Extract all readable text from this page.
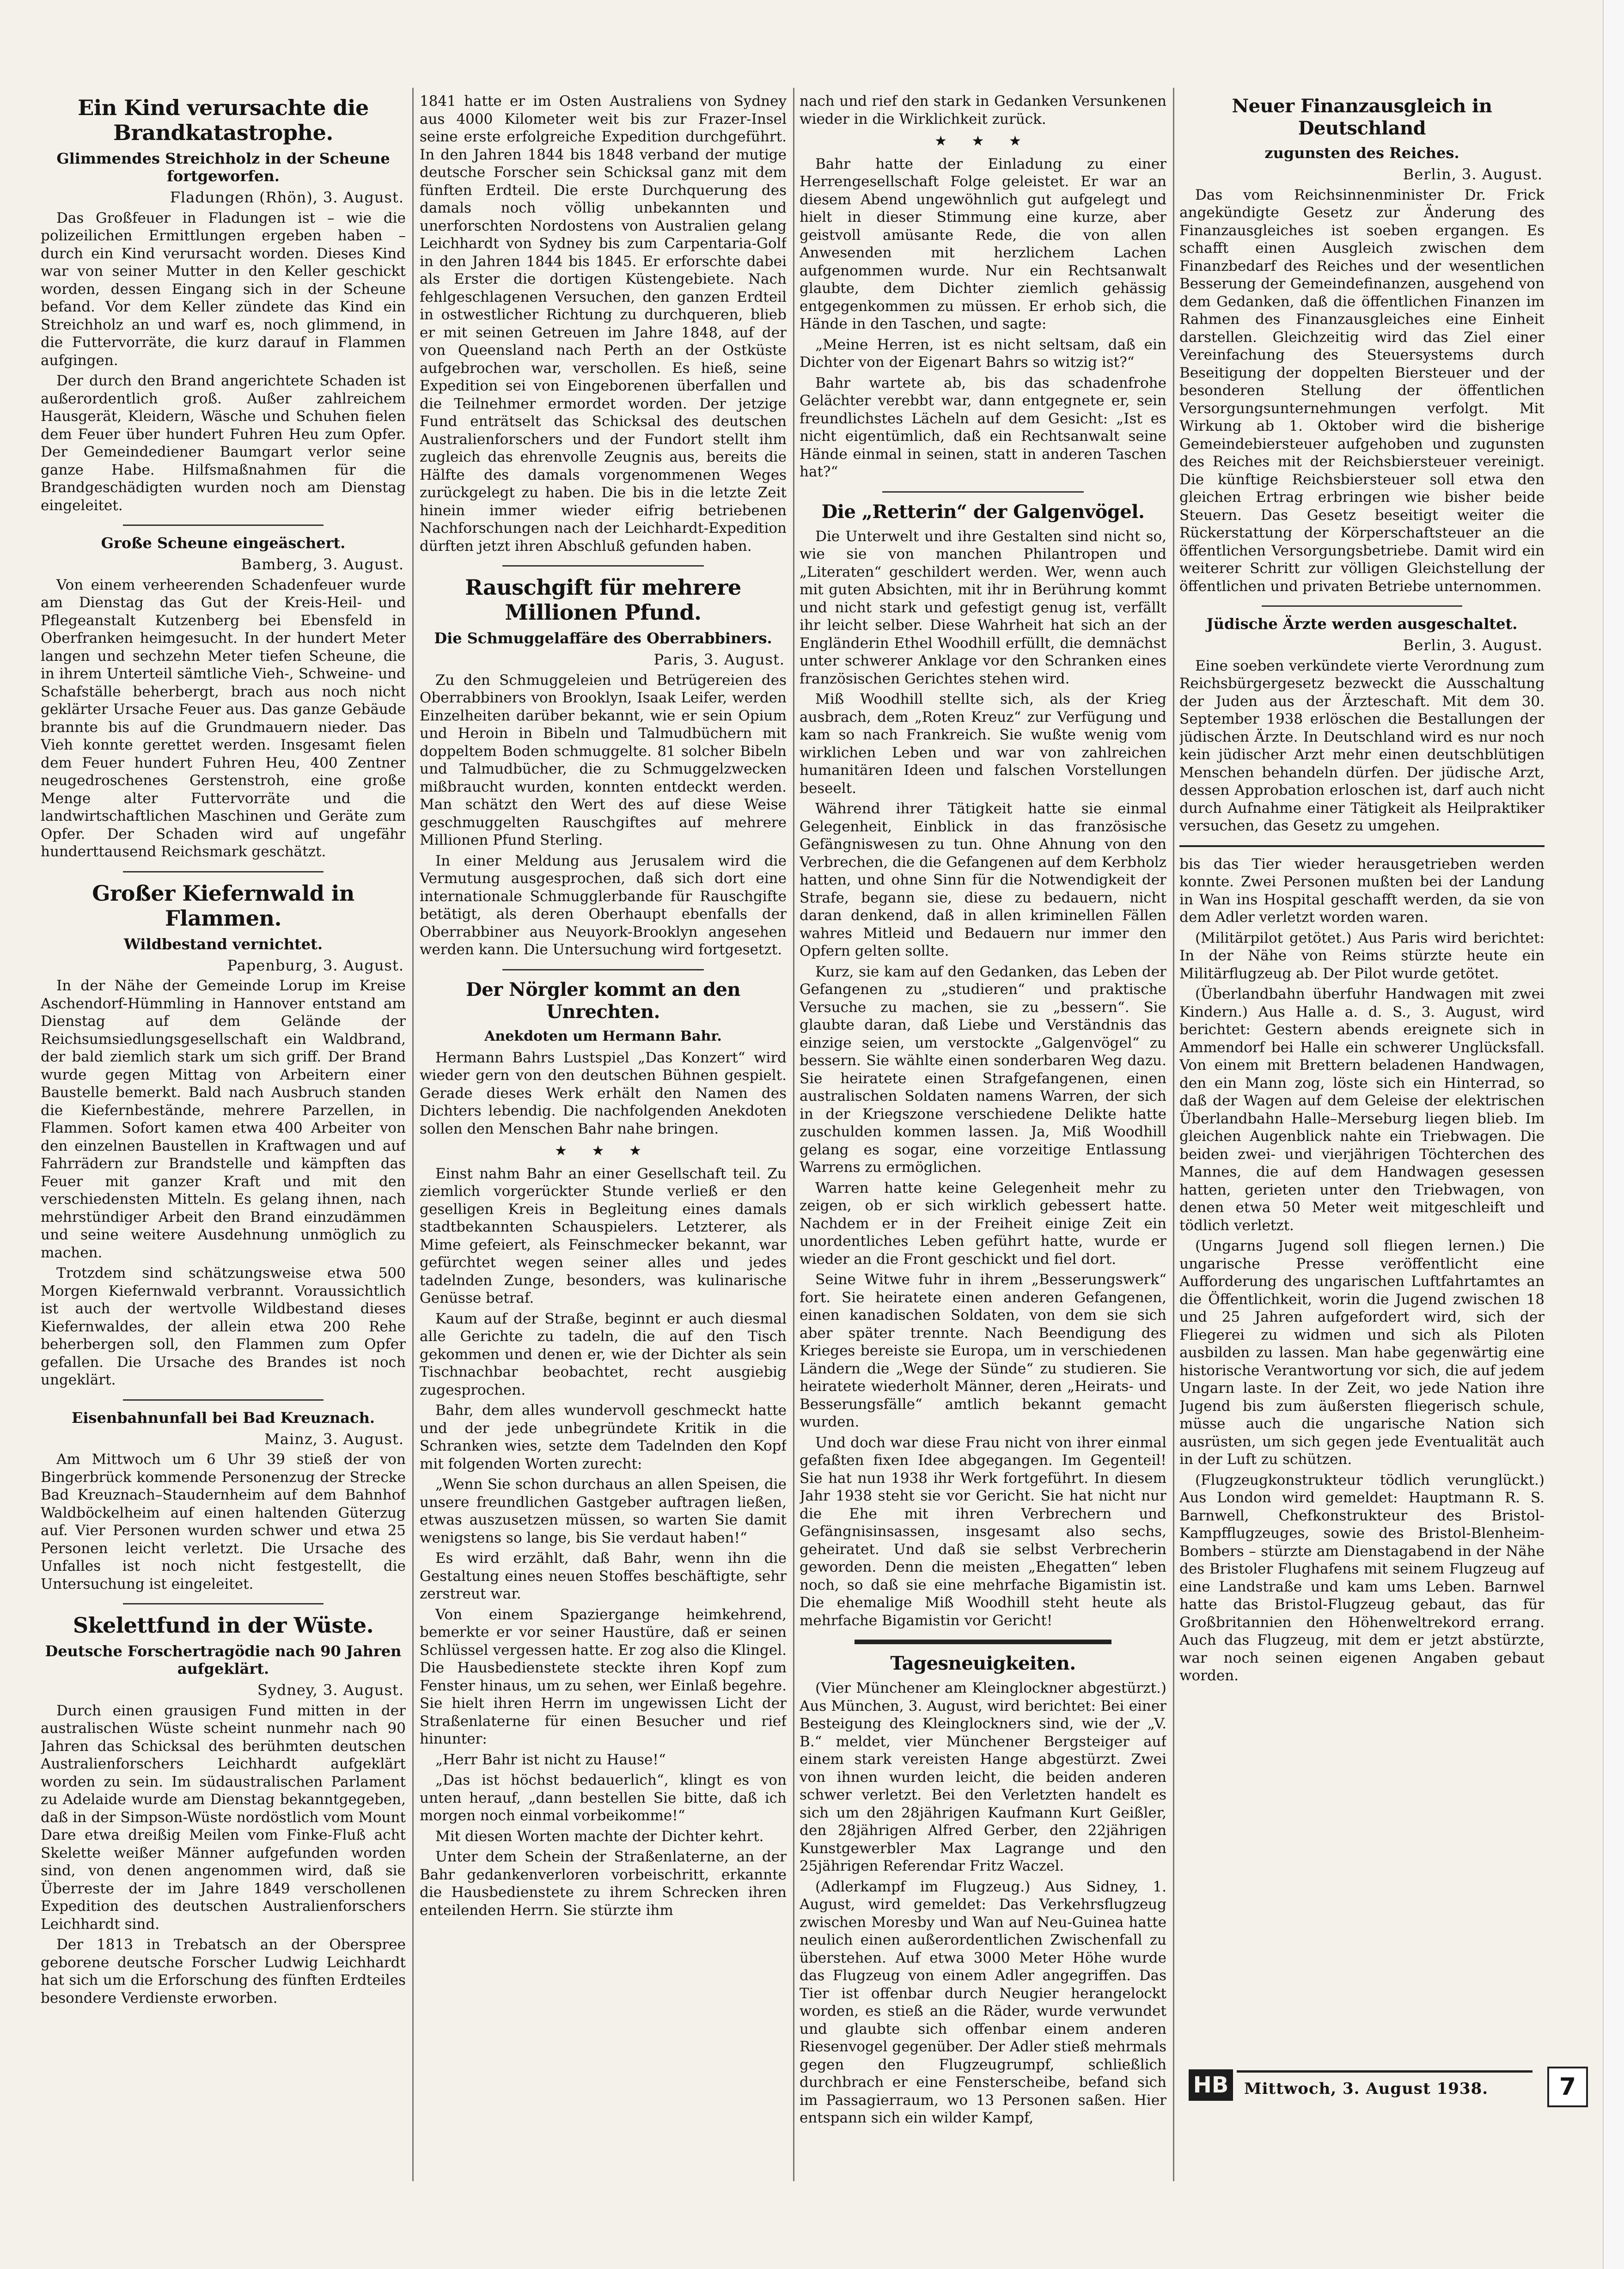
Ein Kind verursachte die Brandkatastrophe.
Glimmendes Streichholz in der Scheune fortgeworfen.
Fladungen (Rhön), 3. August.

Das Großfeuer in Fladungen ist – wie die polizeilichen Ermittlungen ergeben haben – durch ein Kind verursacht worden. Dieses Kind war von seiner Mutter in den Keller geschickt worden, dessen Eingang sich in der Scheune befand. Vor dem Keller zündete das Kind ein Streichholz an und warf es, noch glimmend, in die Futtervorräte, die kurz darauf in Flammen aufgingen.

Der durch den Brand angerichtete Schaden ist außerordentlich groß. Außer zahlreichem Hausgerät, Kleidern, Wäsche und Schuhen fielen dem Feuer über hundert Fuhren Heu zum Opfer. Der Gemeindediener Baumgart verlor seine ganze Habe. Hilfsmaßnahmen für die Brandgeschädigten wurden noch am Dienstag eingeleitet.

Große Scheune eingeäschert.
Bamberg, 3. August.

Von einem verheerenden Schadenfeuer wurde am Dienstag das Gut der Kreis-Heil- und Pflegeanstalt Kutzenberg bei Ebensfeld in Oberfranken heimgesucht. In der hundert Meter langen und sechzehn Meter tiefen Scheune, die in ihrem Unterteil sämtliche Vieh-, Schweine- und Schafställe beherbergt, brach aus noch nicht geklärter Ursache Feuer aus. Das ganze Gebäude brannte bis auf die Grundmauern nieder. Das Vieh konnte gerettet werden. Insgesamt fielen dem Feuer hundert Fuhren Heu, 400 Zentner neugedroschenes Gerstenstroh, eine große Menge alter Futtervorräte und die landwirtschaftlichen Maschinen und Geräte zum Opfer. Der Schaden wird auf ungefähr hunderttausend Reichsmark geschätzt.

Großer Kiefernwald in Flammen.
Wildbestand vernichtet.
Papenburg, 3. August.

In der Nähe der Gemeinde Lorup im Kreise Aschendorf-Hümmling in Hannover entstand am Dienstag auf dem Gelände der Reichsumsiedlungsgesellschaft ein Waldbrand, der bald ziemlich stark um sich griff. Der Brand wurde gegen Mittag von Arbeitern einer Baustelle bemerkt. Bald nach Ausbruch standen die Kiefernbestände, mehrere Parzellen, in Flammen. Sofort kamen etwa 400 Arbeiter von den einzelnen Baustellen in Kraftwagen und auf Fahrrädern zur Brandstelle und kämpften das Feuer mit ganzer Kraft und mit den verschiedensten Mitteln. Es gelang ihnen, nach mehrstündiger Arbeit den Brand einzudämmen und seine weitere Ausdehnung unmöglich zu machen.

Trotzdem sind schätzungsweise etwa 500 Morgen Kiefernwald verbrannt. Voraussichtlich ist auch der wertvolle Wildbestand dieses Kiefernwaldes, der allein etwa 200 Rehe beherbergen soll, den Flammen zum Opfer gefallen. Die Ursache des Brandes ist noch ungeklärt.

Eisenbahnunfall bei Bad Kreuznach.
Mainz, 3. August.

Am Mittwoch um 6 Uhr 39 stieß der von Bingerbrück kommende Personenzug der Strecke Bad Kreuznach–Staudernheim auf dem Bahnhof Waldböckelheim auf einen haltenden Güterzug auf. Vier Personen wurden schwer und etwa 25 Personen leicht verletzt. Die Ursache des Unfalles ist noch nicht festgestellt, die Untersuchung ist eingeleitet.

Skelettfund in der Wüste.
Deutsche Forschertragödie nach 90 Jahren aufgeklärt.
Sydney, 3. August.

Durch einen grausigen Fund mitten in der australischen Wüste scheint nunmehr nach 90 Jahren das Schicksal des berühmten deutschen Australienforschers Leichhardt aufgeklärt worden zu sein. Im südaustralischen Parlament zu Adelaide wurde am Dienstag bekanntgegeben, daß in der Simpson-Wüste nordöstlich vom Mount Dare etwa dreißig Meilen vom Finke-Fluß acht Skelette weißer Männer aufgefunden worden sind, von denen angenommen wird, daß sie Überreste der im Jahre 1849 verschollenen Expedition des deutschen Australienforschers Leichhardt sind.

Der 1813 in Trebatsch an der Oberspree geborene deutsche Forscher Ludwig Leichhardt hat sich um die Erforschung des fünften Erdteiles besondere Verdienste erworben.

1841 hatte er im Osten Australiens von Sydney aus 4000 Kilometer weit bis zur Frazer-Insel seine erste erfolgreiche Expedition durchgeführt. In den Jahren 1844 bis 1848 verband der mutige deutsche Forscher sein Schicksal ganz mit dem fünften Erdteil. Die erste Durchquerung des damals noch völlig unbekannten und unerforschten Nordostens von Australien gelang Leichhardt von Sydney bis zum Carpentaria-Golf in den Jahren 1844 bis 1845. Er erforschte dabei als Erster die dortigen Küstengebiete. Nach fehlgeschlagenen Versuchen, den ganzen Erdteil in ostwestlicher Richtung zu durchqueren, blieb er mit seinen Getreuen im Jahre 1848, auf der von Queensland nach Perth an der Ostküste aufgebrochen war, verschollen. Es hieß, seine Expedition sei von Eingeborenen überfallen und die Teilnehmer ermordet worden. Der jetzige Fund enträtselt das Schicksal des deutschen Australienforschers und der Fundort stellt ihm zugleich das ehrenvolle Zeugnis aus, bereits die Hälfte des damals vorgenommenen Weges zurückgelegt zu haben. Die bis in die letzte Zeit hinein immer wieder eifrig betriebenen Nachforschungen nach der Leichhardt-Expedition dürften jetzt ihren Abschluß gefunden haben.

Rauschgift für mehrere Millionen Pfund.
Die Schmuggelaffäre des Oberrabbiners.
Paris, 3. August.

Zu den Schmuggeleien und Betrügereien des Oberrabbiners von Brooklyn, Isaak Leifer, werden Einzelheiten darüber bekannt, wie er sein Opium und Heroin in Bibeln und Talmudbüchern mit doppeltem Boden schmuggelte. 81 solcher Bibeln und Talmudbücher, die zu Schmuggelzwecken mißbraucht wurden, konnten entdeckt werden. Man schätzt den Wert des auf diese Weise geschmuggelten Rauschgiftes auf mehrere Millionen Pfund Sterling.

In einer Meldung aus Jerusalem wird die Vermutung ausgesprochen, daß sich dort eine internationale Schmugglerbande für Rauschgifte betätigt, als deren Oberhaupt ebenfalls der Oberrabbiner aus Neuyork-Brooklyn angesehen werden kann. Die Untersuchung wird fortgesetzt.

Der Nörgler kommt an den Unrechten.
Anekdoten um Hermann Bahr.

Hermann Bahrs Lustspiel „Das Konzert“ wird wieder gern von den deutschen Bühnen gespielt. Gerade dieses Werk erhält den Namen des Dichters lebendig. Die nachfolgenden Anekdoten sollen den Menschen Bahr nahe bringen.

★ ★ ★

Einst nahm Bahr an einer Gesellschaft teil. Zu ziemlich vorgerückter Stunde verließ er den geselligen Kreis in Begleitung eines damals stadtbekannten Schauspielers. Letzterer, als Mime gefeiert, als Feinschmecker bekannt, war gefürchtet wegen seiner alles und jedes tadelnden Zunge, besonders, was kulinarische Genüsse betraf.

Kaum auf der Straße, beginnt er auch diesmal alle Gerichte zu tadeln, die auf den Tisch gekommen und denen er, wie der Dichter als sein Tischnachbar beobachtet, recht ausgiebig zugesprochen.

Bahr, dem alles wundervoll geschmeckt hatte und der jede unbegründete Kritik in die Schranken wies, setzte dem Tadelnden den Kopf mit folgenden Worten zurecht:

„Wenn Sie schon durchaus an allen Speisen, die unsere freundlichen Gastgeber auftragen ließen, etwas auszusetzen müssen, so warten Sie damit wenigstens so lange, bis Sie verdaut haben!“

Es wird erzählt, daß Bahr, wenn ihn die Gestaltung eines neuen Stoffes beschäftigte, sehr zerstreut war.

Von einem Spaziergange heimkehrend, bemerkte er vor seiner Haustüre, daß er seinen Schlüssel vergessen hatte. Er zog also die Klingel. Die Hausbedienstete steckte ihren Kopf zum Fenster hinaus, um zu sehen, wer Einlaß begehre. Sie hielt ihren Herrn im ungewissen Licht der Straßenlaterne für einen Besucher und rief hinunter:

„Herr Bahr ist nicht zu Hause!“

„Das ist höchst bedauerlich“, klingt es von unten herauf, „dann bestellen Sie bitte, daß ich morgen noch einmal vorbeikomme!“

Mit diesen Worten machte der Dichter kehrt.

Unter dem Schein der Straßenlaterne, an der Bahr gedankenverloren vorbeischritt, erkannte die Hausbedienstete zu ihrem Schrecken ihren enteilenden Herrn. Sie stürzte ihm

nach und rief den stark in Gedanken Versunkenen wieder in die Wirklichkeit zurück.

★ ★ ★

Bahr hatte der Einladung zu einer Herrengesellschaft Folge geleistet. Er war an diesem Abend ungewöhnlich gut aufgelegt und hielt in dieser Stimmung eine kurze, aber geistvoll amüsante Rede, die von allen Anwesenden mit herzlichem Lachen aufgenommen wurde. Nur ein Rechtsanwalt glaubte, dem Dichter ziemlich gehässig entgegenkommen zu müssen. Er erhob sich, die Hände in den Taschen, und sagte:

„Meine Herren, ist es nicht seltsam, daß ein Dichter von der Eigenart Bahrs so witzig ist?“

Bahr wartete ab, bis das schadenfrohe Gelächter verebbt war, dann entgegnete er, sein freundlichstes Lächeln auf dem Gesicht: „Ist es nicht eigentümlich, daß ein Rechtsanwalt seine Hände einmal in seinen, statt in anderen Taschen hat?“

Die „Retterin“ der Galgenvögel.

Die Unterwelt und ihre Gestalten sind nicht so, wie sie von manchen Philantropen und „Literaten“ geschildert werden. Wer, wenn auch mit guten Absichten, mit ihr in Berührung kommt und nicht stark und gefestigt genug ist, verfällt ihr leicht selber. Diese Wahrheit hat sich an der Engländerin Ethel Woodhill erfüllt, die demnächst unter schwerer Anklage vor den Schranken eines französischen Gerichtes stehen wird.

Miß Woodhill stellte sich, als der Krieg ausbrach, dem „Roten Kreuz“ zur Verfügung und kam so nach Frankreich. Sie wußte wenig vom wirklichen Leben und war von zahlreichen humanitären Ideen und falschen Vorstellungen beseelt.

Während ihrer Tätigkeit hatte sie einmal Gelegenheit, Einblick in das französische Gefängniswesen zu tun. Ohne Ahnung von den Verbrechen, die die Gefangenen auf dem Kerbholz hatten, und ohne Sinn für die Notwendigkeit der Strafe, begann sie, diese zu bedauern, nicht daran denkend, daß in allen kriminellen Fällen wahres Mitleid und Bedauern nur immer den Opfern gelten sollte.

Kurz, sie kam auf den Gedanken, das Leben der Gefangenen zu „studieren“ und praktische Versuche zu machen, sie zu „bessern“. Sie glaubte daran, daß Liebe und Verständnis das einzige seien, um verstockte „Galgenvögel“ zu bessern. Sie wählte einen sonderbaren Weg dazu. Sie heiratete einen Strafgefangenen, einen australischen Soldaten namens Warren, der sich in der Kriegszone verschiedene Delikte hatte zuschulden kommen lassen. Ja, Miß Woodhill gelang es sogar, eine vorzeitige Entlassung Warrens zu ermöglichen.

Warren hatte keine Gelegenheit mehr zu zeigen, ob er sich wirklich gebessert hatte. Nachdem er in der Freiheit einige Zeit ein unordentliches Leben geführt hatte, wurde er wieder an die Front geschickt und fiel dort.

Seine Witwe fuhr in ihrem „Besserungswerk“ fort. Sie heiratete einen anderen Gefangenen, einen kanadischen Soldaten, von dem sie sich aber später trennte. Nach Beendigung des Krieges bereiste sie Europa, um in verschiedenen Ländern die „Wege der Sünde“ zu studieren. Sie heiratete wiederholt Männer, deren „Heirats- und Besserungsfälle“ amtlich bekannt gemacht wurden.

Und doch war diese Frau nicht von ihrer einmal gefaßten fixen Idee abgegangen. Im Gegenteil! Sie hat nun 1938 ihr Werk fortgeführt. In diesem Jahr 1938 steht sie vor Gericht. Sie hat nicht nur die Ehe mit ihren Verbrechern und Gefängnisinsassen, insgesamt also sechs, geheiratet. Und daß sie selbst Verbrecherin geworden. Denn die meisten „Ehegatten“ leben noch, so daß sie eine mehrfache Bigamistin ist. Die ehemalige Miß Woodhill steht heute als mehrfache Bigamistin vor Gericht!

Tagesneuigkeiten.

(Vier Münchener am Kleinglockner abgestürzt.) Aus München, 3. August, wird berichtet: Bei einer Besteigung des Kleinglockners sind, wie der „V. B.“ meldet, vier Münchener Bergsteiger auf einem stark vereisten Hange abgestürzt. Zwei von ihnen wurden leicht, die beiden anderen schwer verletzt. Bei den Verletzten handelt es sich um den 28jährigen Kaufmann Kurt Geißler, den 28jährigen Alfred Gerber, den 22jährigen Kunstgewerbler Max Lagrange und den 25jährigen Referendar Fritz Waczel.

(Adlerkampf im Flugzeug.) Aus Sidney, 1. August, wird gemeldet: Das Verkehrsflugzeug zwischen Moresby und Wan auf Neu-Guinea hatte neulich einen außerordentlichen Zwischenfall zu überstehen. Auf etwa 3000 Meter Höhe wurde das Flugzeug von einem Adler angegriffen. Das Tier ist offenbar durch Neugier herangelockt worden, es stieß an die Räder, wurde verwundet und glaubte sich offenbar einem anderen Riesenvogel gegenüber. Der Adler stieß mehrmals gegen den Flugzeugrumpf, schließlich durchbrach er eine Fensterscheibe, befand sich im Passagierraum, wo 13 Personen saßen. Hier entspann sich ein wilder Kampf,

Neuer Finanzausgleich in Deutschland
zugunsten des Reiches.
Berlin, 3. August.

Das vom Reichsinnenminister Dr. Frick angekündigte Gesetz zur Änderung des Finanzausgleiches ist soeben ergangen. Es schafft einen Ausgleich zwischen dem Finanzbedarf des Reiches und der wesentlichen Besserung der Gemeindefinanzen, ausgehend von dem Gedanken, daß die öffentlichen Finanzen im Rahmen des Finanzausgleiches eine Einheit darstellen. Gleichzeitig wird das Ziel einer Vereinfachung des Steuersystems durch Beseitigung der doppelten Biersteuer und der besonderen Stellung der öffentlichen Versorgungsunternehmungen verfolgt. Mit Wirkung ab 1. Oktober wird die bisherige Gemeindebiersteuer aufgehoben und zugunsten des Reiches mit der Reichsbiersteuer vereinigt. Die künftige Reichsbiersteuer soll etwa den gleichen Ertrag erbringen wie bisher beide Steuern. Das Gesetz beseitigt weiter die Rückerstattung der Körperschaftsteuer an die öffentlichen Versorgungsbetriebe. Damit wird ein weiterer Schritt zur völligen Gleichstellung der öffentlichen und privaten Betriebe unternommen.

Jüdische Ärzte werden ausgeschaltet.
Berlin, 3. August.

Eine soeben verkündete vierte Verordnung zum Reichsbürgergesetz bezweckt die Ausschaltung der Juden aus der Ärzteschaft. Mit dem 30. September 1938 erlöschen die Bestallungen der jüdischen Ärzte. In Deutschland wird es nur noch kein jüdischer Arzt mehr einen deutschblütigen Menschen behandeln dürfen. Der jüdische Arzt, dessen Approbation erloschen ist, darf auch nicht durch Aufnahme einer Tätigkeit als Heilpraktiker versuchen, das Gesetz zu umgehen.

bis das Tier wieder herausgetrieben werden konnte. Zwei Personen mußten bei der Landung in Wan ins Hospital geschafft werden, da sie von dem Adler verletzt worden waren.

(Militärpilot getötet.) Aus Paris wird berichtet: In der Nähe von Reims stürzte heute ein Militärflugzeug ab. Der Pilot wurde getötet.

(Überlandbahn überfuhr Handwagen mit zwei Kindern.) Aus Halle a. d. S., 3. August, wird berichtet: Gestern abends ereignete sich in Ammendorf bei Halle ein schwerer Unglücksfall. Von einem mit Brettern beladenen Handwagen, den ein Mann zog, löste sich ein Hinterrad, so daß der Wagen auf dem Geleise der elektrischen Überlandbahn Halle–Merseburg liegen blieb. Im gleichen Augenblick nahte ein Triebwagen. Die beiden zwei- und vierjährigen Töchterchen des Mannes, die auf dem Handwagen gesessen hatten, gerieten unter den Triebwagen, von denen etwa 50 Meter weit mitgeschleift und tödlich verletzt.

(Ungarns Jugend soll fliegen lernen.) Die ungarische Presse veröffentlicht eine Aufforderung des ungarischen Luftfahrtamtes an die Öffentlichkeit, worin die Jugend zwischen 18 und 25 Jahren aufgefordert wird, sich der Fliegerei zu widmen und sich als Piloten ausbilden zu lassen. Man habe gegenwärtig eine historische Verantwortung vor sich, die auf jedem Ungarn laste. In der Zeit, wo jede Nation ihre Jugend bis zum äußersten fliegerisch schule, müsse auch die ungarische Nation sich ausrüsten, um sich gegen jede Eventualität auch in der Luft zu schützen.

(Flugzeugkonstrukteur tödlich verunglückt.) Aus London wird gemeldet: Hauptmann R. S. Barnwell, Chefkonstrukteur des Bristol-Kampfflugzeuges, sowie des Bristol-Blenheim-Bombers – stürzte am Dienstagabend in der Nähe des Bristoler Flughafens mit seinem Flugzeug auf eine Landstraße und kam ums Leben. Barnwel hatte das Bristol-Flugzeug gebaut, das für Großbritannien den Höhenweltrekord errang. Auch das Flugzeug, mit dem er jetzt abstürzte, war noch seinen eigenen Angaben gebaut worden.

HB Mittwoch, 3. August 1938.	7
